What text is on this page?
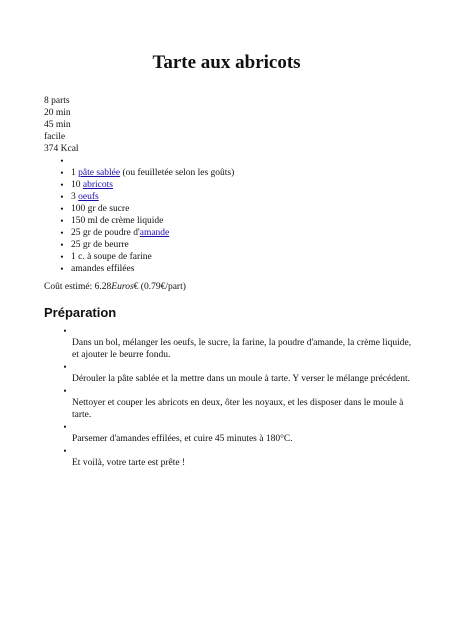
Tarte aux abricots
8 parts
20 min
45 min
facile
374 Kcal
•
• 1 pâte sablée (ou feuilletée selon les goûts)
• 10 abricots
• 3 oeufs
• 100 gr de sucre
• 150 ml de crème liquide
• 25 gr de poudre d'amande
• 25 gr de beurre
• 1 c. à soupe de farine
• amandes effilées
Coût estimé: 6.28Euros€ (0.79€/part)
Préparation
•
Dans un bol, mélanger les oeufs, le sucre, la farine, la poudre d'amande, la crème liquide, et ajouter le beurre fondu.
•
Dérouler la pâte sablée et la mettre dans un moule à tarte. Y verser le mélange précédent.
•
Nettoyer et couper les abricots en deux, ôter les noyaux, et les disposer dans le moule à tarte.
•
Parsemer d'amandes effilées, et cuire 45 minutes à 180°C.
•
Et voilà, votre tarte est prête !
